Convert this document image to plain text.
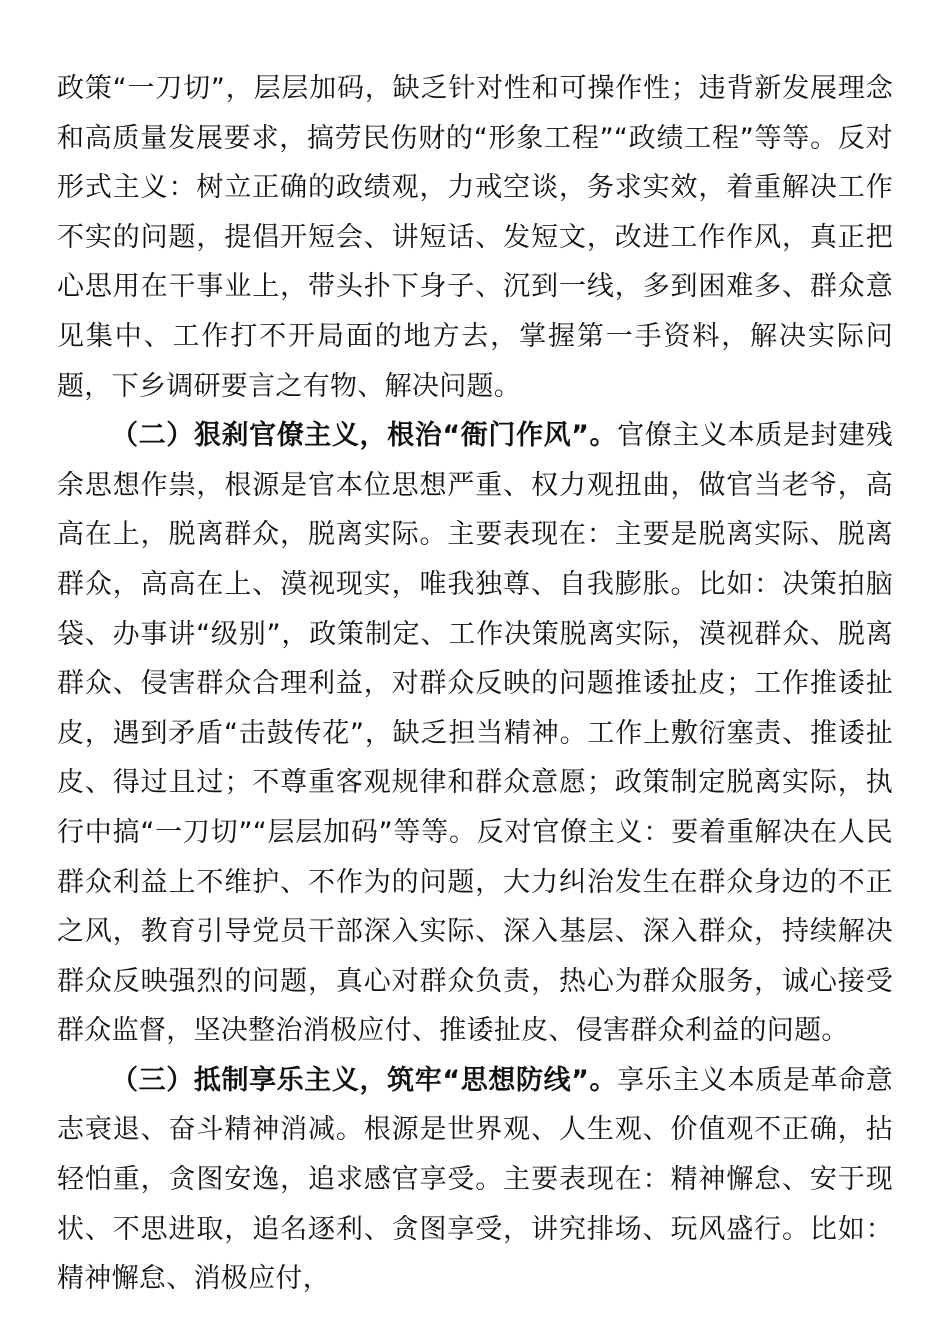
政策“一刀切”，层层加码，缺乏针对性和可操作性；违背新发展理念和高质量发展要求，搞劳民伤财的“形象工程”“政绩工程”等等。反对形式主义：树立正确的政绩观，力戒空谈，务求实效，着重解决工作不实的问题，提倡开短会、讲短话、发短文，改进工作作风，真正把心思用在干事业上，带头扑下身子、沉到一线，多到困难多、群众意见集中、工作打不开局面的地方去，掌握第一手资料，解决实际问题，下乡调研要言之有物、解决问题。

（二）狠刹官僚主义，根治“衙门作风”。官僚主义本质是封建残余思想作祟，根源是官本位思想严重、权力观扭曲，做官当老爷，高高在上，脱离群众，脱离实际。主要表现在：主要是脱离实际、脱离群众，高高在上、漠视现实，唯我独尊、自我膨胀。比如：决策拍脑袋、办事讲“级别”，政策制定、工作决策脱离实际，漠视群众、脱离群众、侵害群众合理利益，对群众反映的问题推诿扯皮；工作推诿扯皮，遇到矛盾“击鼓传花”，缺乏担当精神。工作上敷衍塞责、推诿扯皮、得过且过；不尊重客观规律和群众意愿；政策制定脱离实际，执行中搞“一刀切”“层层加码”等等。反对官僚主义：要着重解决在人民群众利益上不维护、不作为的问题，大力纠治发生在群众身边的不正之风，教育引导党员干部深入实际、深入基层、深入群众，持续解决群众反映强烈的问题，真心对群众负责，热心为群众服务，诚心接受群众监督，坚决整治消极应付、推诿扯皮、侵害群众利益的问题。

（三）抵制享乐主义，筑牢“思想防线”。享乐主义本质是革命意志衰退、奋斗精神消减。根源是世界观、人生观、价值观不正确，拈轻怕重，贪图安逸，追求感官享受。主要表现在：精神懈怠、安于现状、不思进取，追名逐利、贪图享受，讲究排场、玩风盛行。比如：精神懈怠、消极应付，
